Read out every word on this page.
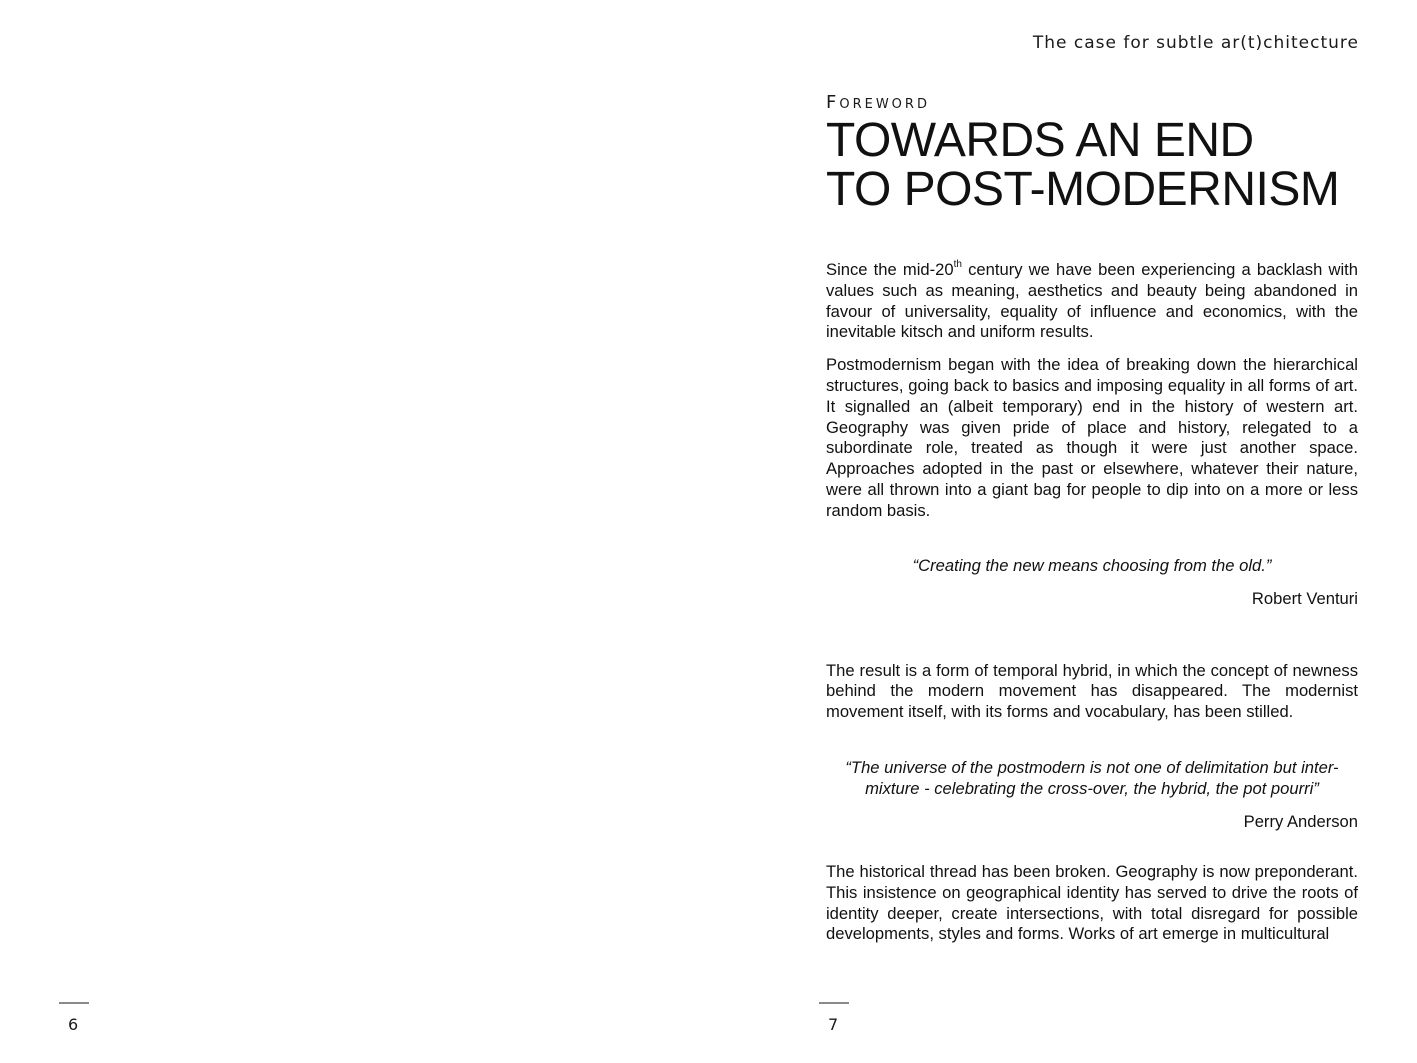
6
The case for subtle ar(t)chitecture
Foreword
TOWARDS AN END
TO POST-MODERNISM

Since the mid-20th century we have been experiencing a backlash with values such as meaning, aesthetics and beauty being abandoned in favour of universality, equality of influence and economics, with the inevitable kitsch and uniform results.

Postmodernism began with the idea of breaking down the hierarchical structures, going back to basics and imposing equality in all forms of art. It signalled an (albeit temporary) end in the history of western art. Geography was given pride of place and history, relegated to a subordinate role, treated as though it were just another space. Approaches adopted in the past or elsewhere, whatever their nature, were all thrown into a giant bag for people to dip into on a more or less random basis.

“Creating the new means choosing from the old.”

Robert Venturi

The result is a form of temporal hybrid, in which the concept of newness behind the modern movement has disappeared. The modernist movement itself, with its forms and vocabulary, has been stilled.

“The universe of the postmodern is not one of delimitation but inter-mixture - celebrating the cross-over, the hybrid, the pot pourri”

Perry Anderson

The historical thread has been broken. Geography is now preponderant. This insistence on geographical identity has served to drive the roots of identity deeper, create intersections, with total disregard for possible developments, styles and forms. Works of art emerge in multicultural

7
